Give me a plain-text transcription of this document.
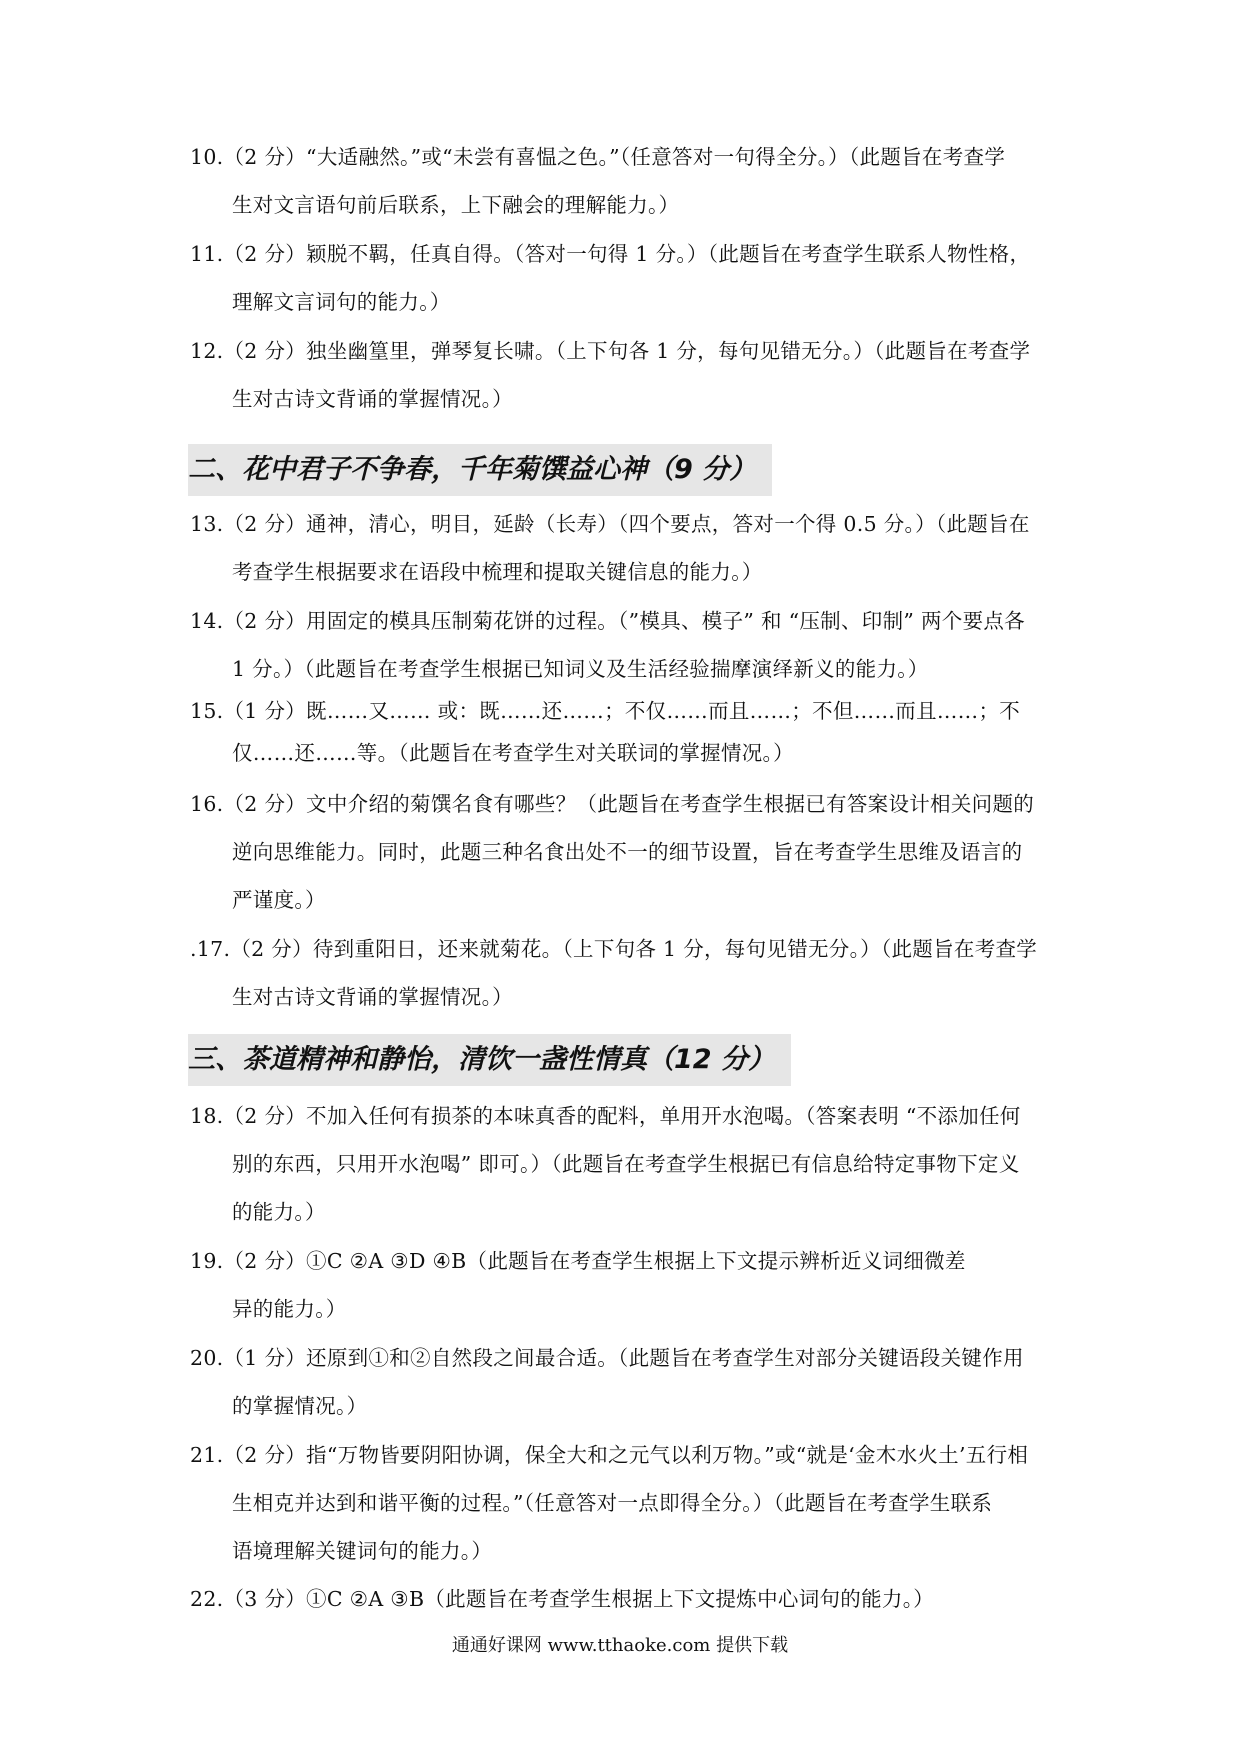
10.（2 分）“大适融然。”或“未尝有喜愠之色。”（任意答对一句得全分。）（此题旨在考查学
生对文言语句前后联系，上下融会的理解能力。）
11.（2 分）颖脱不羁，任真自得。（答对一句得 1 分。）（此题旨在考查学生联系人物性格，
理解文言词句的能力。）
12.（2 分）独坐幽篁里，弹琴复长啸。（上下句各 1 分，每句见错无分。）（此题旨在考查学
生对古诗文背诵的掌握情况。）
二、花中君子不争春，千年菊馔益心神（9 分）
13.（2 分）通神，清心，明目，延龄（长寿）（四个要点，答对一个得 0.5 分。）（此题旨在
考查学生根据要求在语段中梳理和提取关键信息的能力。）
14.（2 分）用固定的模具压制菊花饼的过程。（”模具、模子” 和 “压制、印制” 两个要点各
1 分。）（此题旨在考查学生根据已知词义及生活经验揣摩演绎新义的能力。）
15.（1 分）既……又…… 或：既……还……；不仅……而且……；不但……而且……；不
仅……还……等。（此题旨在考查学生对关联词的掌握情况。）
16.（2 分）文中介绍的菊馔名食有哪些？（此题旨在考查学生根据已有答案设计相关问题的
逆向思维能力。同时，此题三种名食出处不一的细节设置，旨在考查学生思维及语言的
严谨度。）
.17.（2 分）待到重阳日，还来就菊花。（上下句各 1 分，每句见错无分。）（此题旨在考查学
生对古诗文背诵的掌握情况。）
三、茶道精神和静怡，清饮一盏性情真（12 分）
18.（2 分）不加入任何有损茶的本味真香的配料，单用开水泡喝。（答案表明 “不添加任何
别的东西，只用开水泡喝” 即可。）（此题旨在考查学生根据已有信息给特定事物下定义
的能力。）
19.（2 分）①C ②A ③D ④B（此题旨在考查学生根据上下文提示辨析近义词细微差
异的能力。）
20.（1 分）还原到①和②自然段之间最合适。（此题旨在考查学生对部分关键语段关键作用
的掌握情况。）
21.（2 分）指“万物皆要阴阳协调，保全大和之元气以利万物。”或“就是‘金木水火土’五行相
生相克并达到和谐平衡的过程。”（任意答对一点即得全分。）（此题旨在考查学生联系
语境理解关键词句的能力。）
22.（3 分）①C ②A ③B（此题旨在考查学生根据上下文提炼中心词句的能力。）
通通好课网 www.tthaoke.com 提供下载
